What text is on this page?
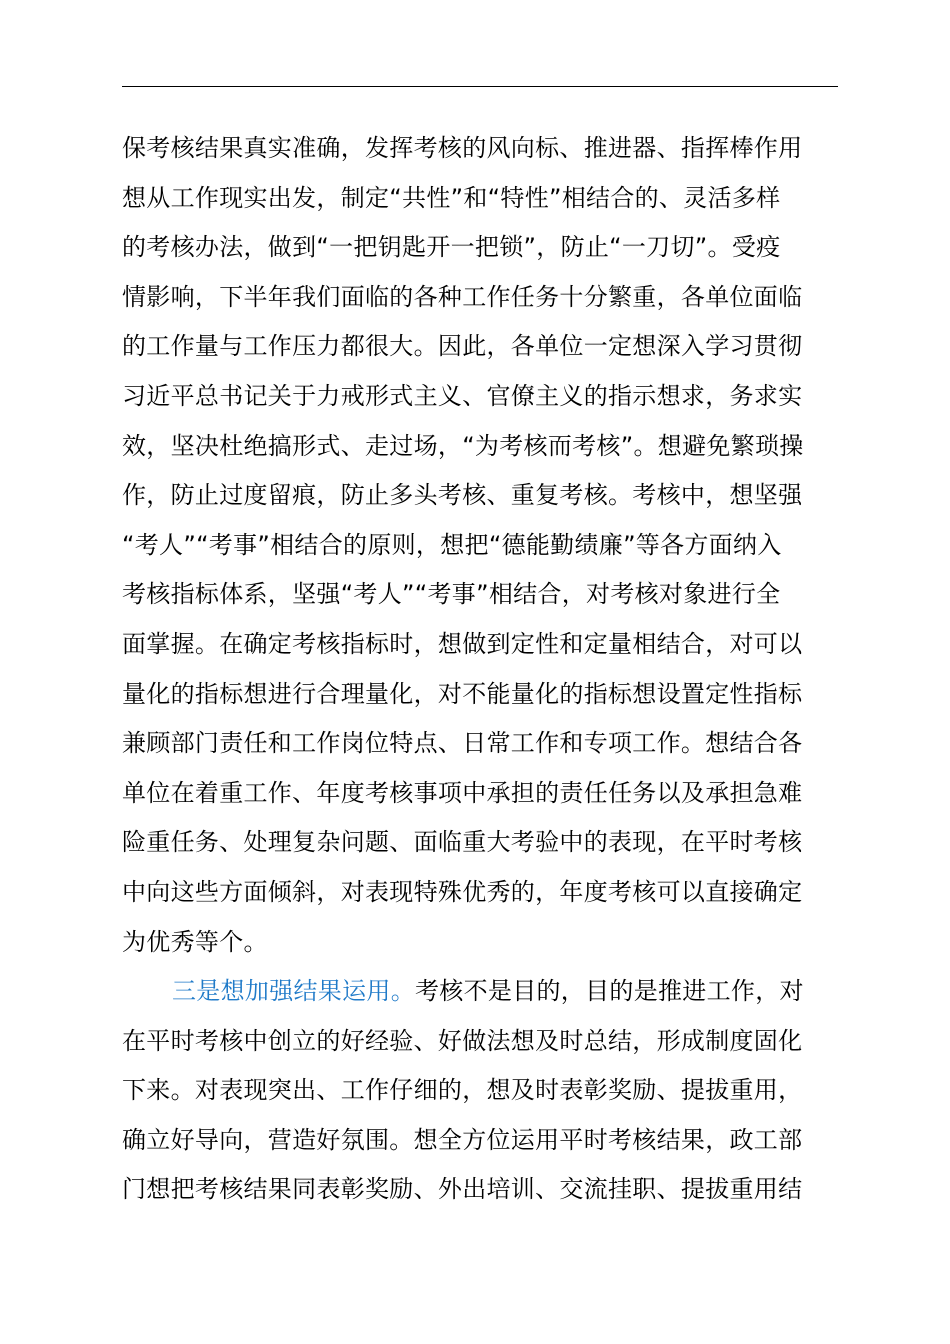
保考核结果真实准确，发挥考核的风向标、推进器、指挥棒作用
想从工作现实出发，制定“共性”和“特性”相结合的、灵活多样
的考核办法，做到“一把钥匙开一把锁”，防止“一刀切”。受疫
情影响，下半年我们面临的各种工作任务十分繁重，各单位面临
的工作量与工作压力都很大。因此，各单位一定想深入学习贯彻
习近平总书记关于力戒形式主义、官僚主义的指示想求，务求实
效，坚决杜绝搞形式、走过场，“为考核而考核”。想避免繁琐操
作，防止过度留痕，防止多头考核、重复考核。考核中，想坚强
“考人”“考事”相结合的原则，想把“德能勤绩廉”等各方面纳入
考核指标体系，坚强“考人”“考事”相结合，对考核对象进行全
面掌握。在确定考核指标时，想做到定性和定量相结合，对可以
量化的指标想进行合理量化，对不能量化的指标想设置定性指标
兼顾部门责任和工作岗位特点、日常工作和专项工作。想结合各
单位在着重工作、年度考核事项中承担的责任任务以及承担急难
险重任务、处理复杂问题、面临重大考验中的表现，在平时考核
中向这些方面倾斜，对表现特殊优秀的，年度考核可以直接确定
为优秀等个。
三是想加强结果运用。考核不是目的，目的是推进工作，对
在平时考核中创立的好经验、好做法想及时总结，形成制度固化
下来。对表现突出、工作仔细的，想及时表彰奖励、提拔重用，
确立好导向，营造好氛围。想全方位运用平时考核结果，政工部
门想把考核结果同表彰奖励、外出培训、交流挂职、提拔重用结
